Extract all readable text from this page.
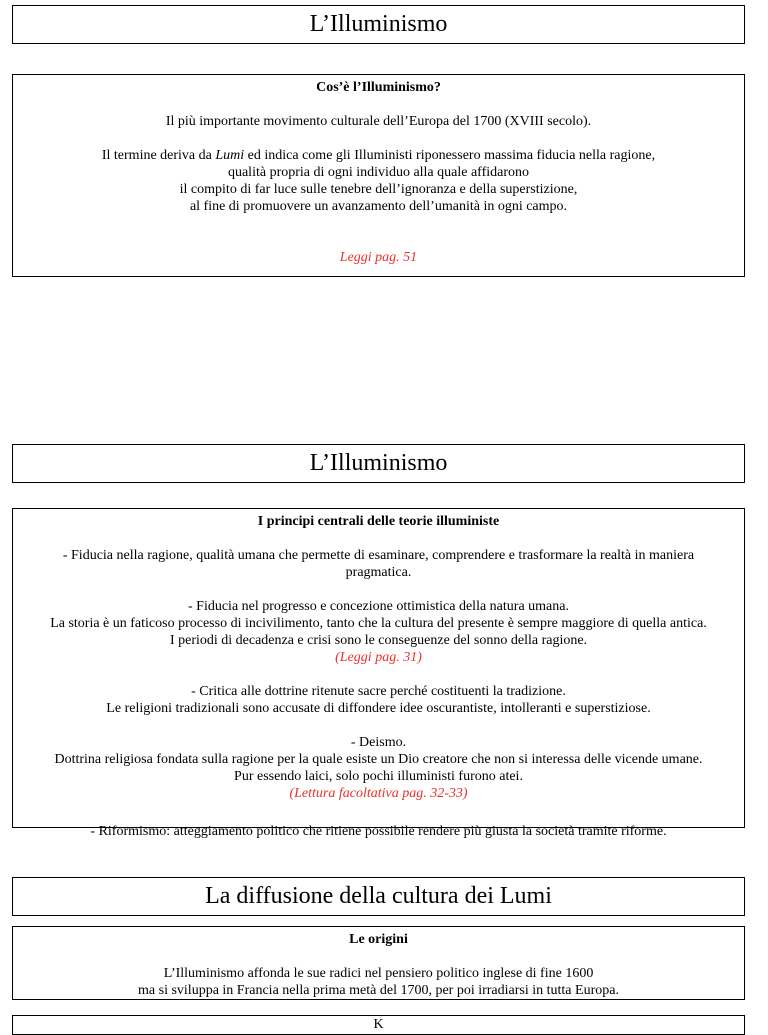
L’Illuminismo

Cos’è l’Illuminismo?

Il più importante movimento culturale dell’Europa del 1700 (XVIII secolo).

Il termine deriva da Lumi ed indica come gli Illuministi riponessero massima fiducia nella ragione,

qualità propria di ogni individuo alla quale affidarono

il compito di far luce sulle tenebre dell’ignoranza e della superstizione,

al fine di promuovere un avanzamento dell’umanità in ogni campo.

Leggi pag. 51

L’Illuminismo

I principi centrali delle teorie illuministe

- Fiducia nella ragione, qualità umana che permette di esaminare, comprendere e trasformare la realtà in maniera

pragmatica.

- Fiducia nel progresso e concezione ottimistica della natura umana.

La storia è un faticoso processo di incivilimento, tanto che la cultura del presente è sempre maggiore di quella antica.

I periodi di decadenza e crisi sono le conseguenze del sonno della ragione.

(Leggi pag. 31)

- Critica alle dottrine ritenute sacre perché costituenti la tradizione.

Le religioni tradizionali sono accusate di diffondere idee oscurantiste, intolleranti e superstiziose.

- Deismo.

Dottrina religiosa fondata sulla ragione per la quale esiste un Dio creatore che non si interessa delle vicende umane.

Pur essendo laici, solo pochi illuministi furono atei.

(Lettura facoltativa pag. 32-33)

- Riformismo: atteggiamento politico che ritiene possibile rendere più giusta la società tramite riforme.
La diffusione della cultura dei Lumi

Le origini

L’Illuminismo affonda le sue radici nel pensiero politico inglese di fine 1600

ma si sviluppa in Francia nella prima metà del 1700, per poi irradiarsi in tutta Europa.

K
